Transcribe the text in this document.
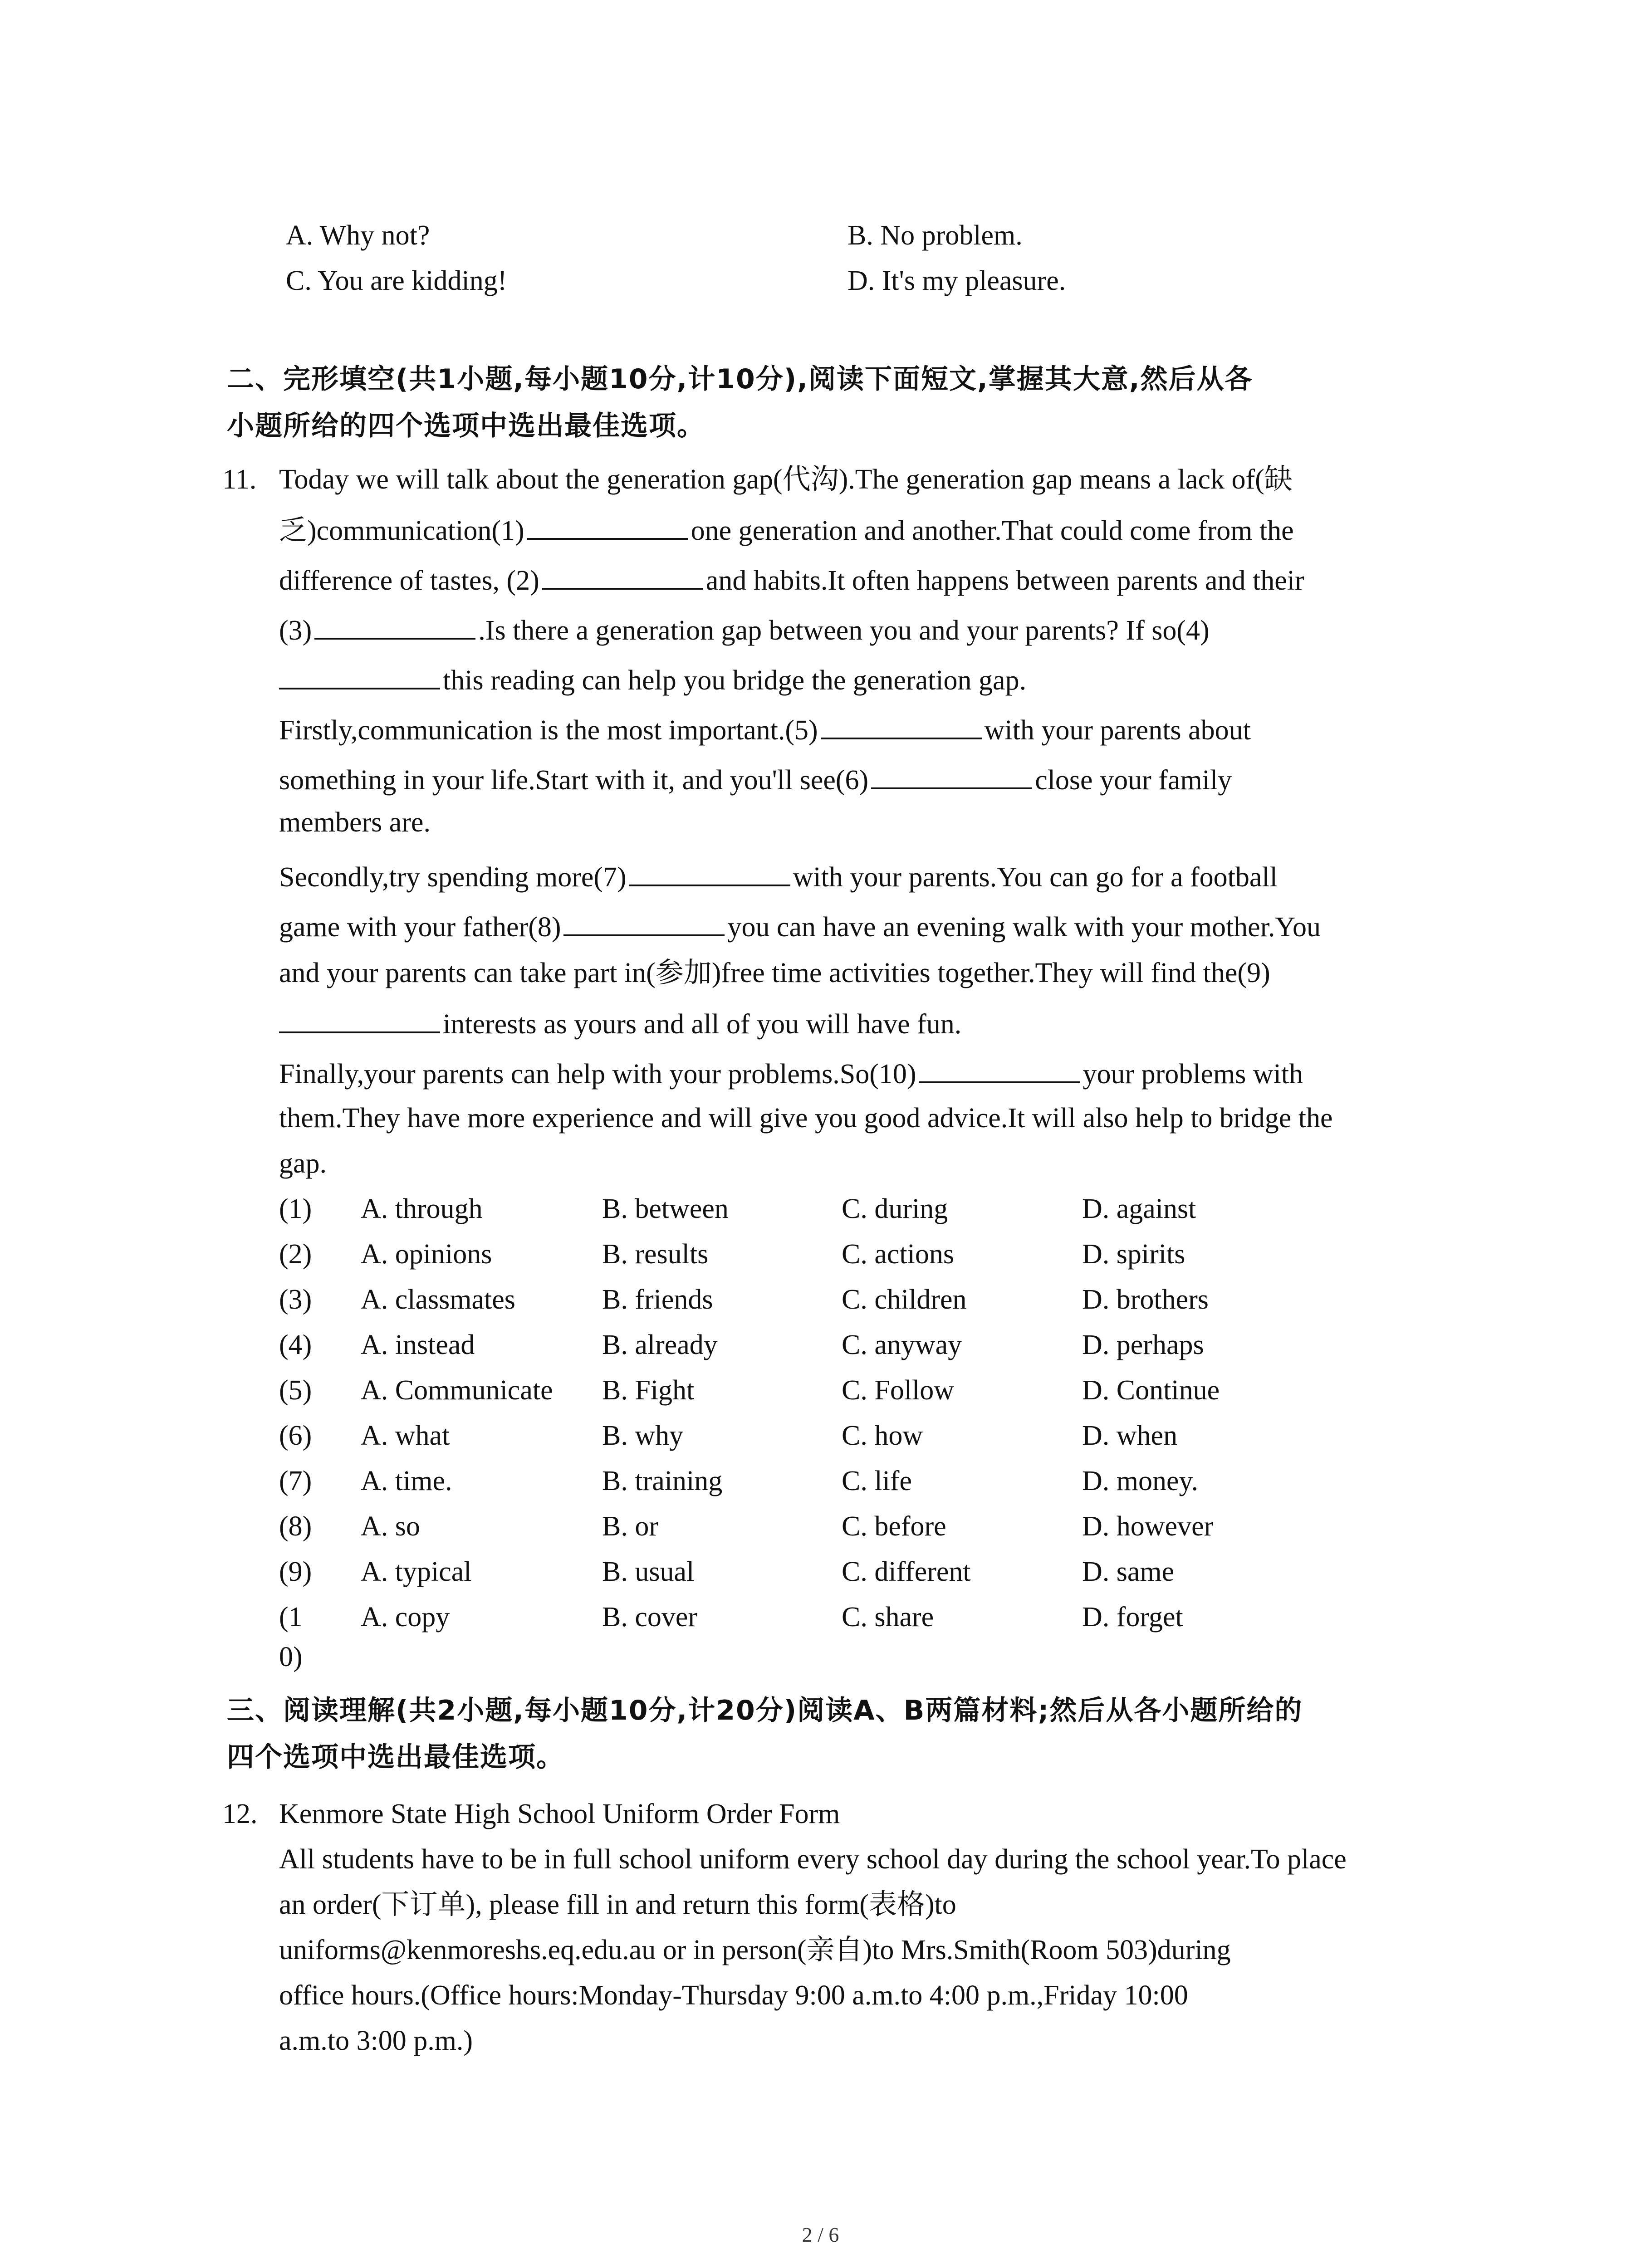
A. Why not?	B. No problem.
C. You are kidding!	D. It's my pleasure.
二、完形填空(共1小题,每小题10分,计10分),阅读下面短文,掌握其大意,然后从各
小题所给的四个选项中选出最佳选项。
11. Today we will talk about the generation gap(代沟).The generation gap means a lack of(缺
乏)communication(1)	one generation and another.That could come from the
difference of tastes, (2)	and habits.It often happens between parents and their
(3)	.Is there a generation gap between you and your parents? If so(4)
this reading can help you bridge the generation gap.
Firstly,communication is the most important.(5)	with your parents about
something in your life.Start with it, and you'll see(6)	close your family
members are.
Secondly,try spending more(7)	with your parents.You can go for a football
game with your father(8)	you can have an evening walk with your mother.You
and your parents can take part in(参加)free time activities together.They will find the(9)
interests as yours and all of you will have fun.
Finally,your parents can help with your problems.So(10)	your problems with
them.They have more experience and will give you good advice.It will also help to bridge the
gap.
(1) A. through	B. between	C. during	D. against
(2) A. opinions	B. results	C. actions	D. spirits
(3) A. classmates	B. friends	C. children	D. brothers
(4) A. instead	B. already	C. anyway	D. perhaps
(5) A. Communicate B. Fight	C. Follow	D. Continue
(6) A. what	B. why	C. how	D. when
(7) A. time.	B. training	C. life	D. money.
(8) A. so	B. or	C. before	D. however
(9) A. typical	B. usual	C. different	D. same
(1 A. copy	B. cover	C. share	D. forget
0)
三、阅读理解(共2小题,每小题10分,计20分)阅读A、B两篇材料;然后从各小题所给的
四个选项中选出最佳选项。
12. Kenmore State High School Uniform Order Form
All students have to be in full school uniform every school day during the school year.To place
an order(下订单), please fill in and return this form(表格)to
uniforms@kenmoreshs.eq.edu.au or in person(亲自)to Mrs.Smith(Room 503)during
office hours.(Office hours:Monday-Thursday 9:00 a.m.to 4:00 p.m.,Friday 10:00
a.m.to 3:00 p.m.)
2 / 6
